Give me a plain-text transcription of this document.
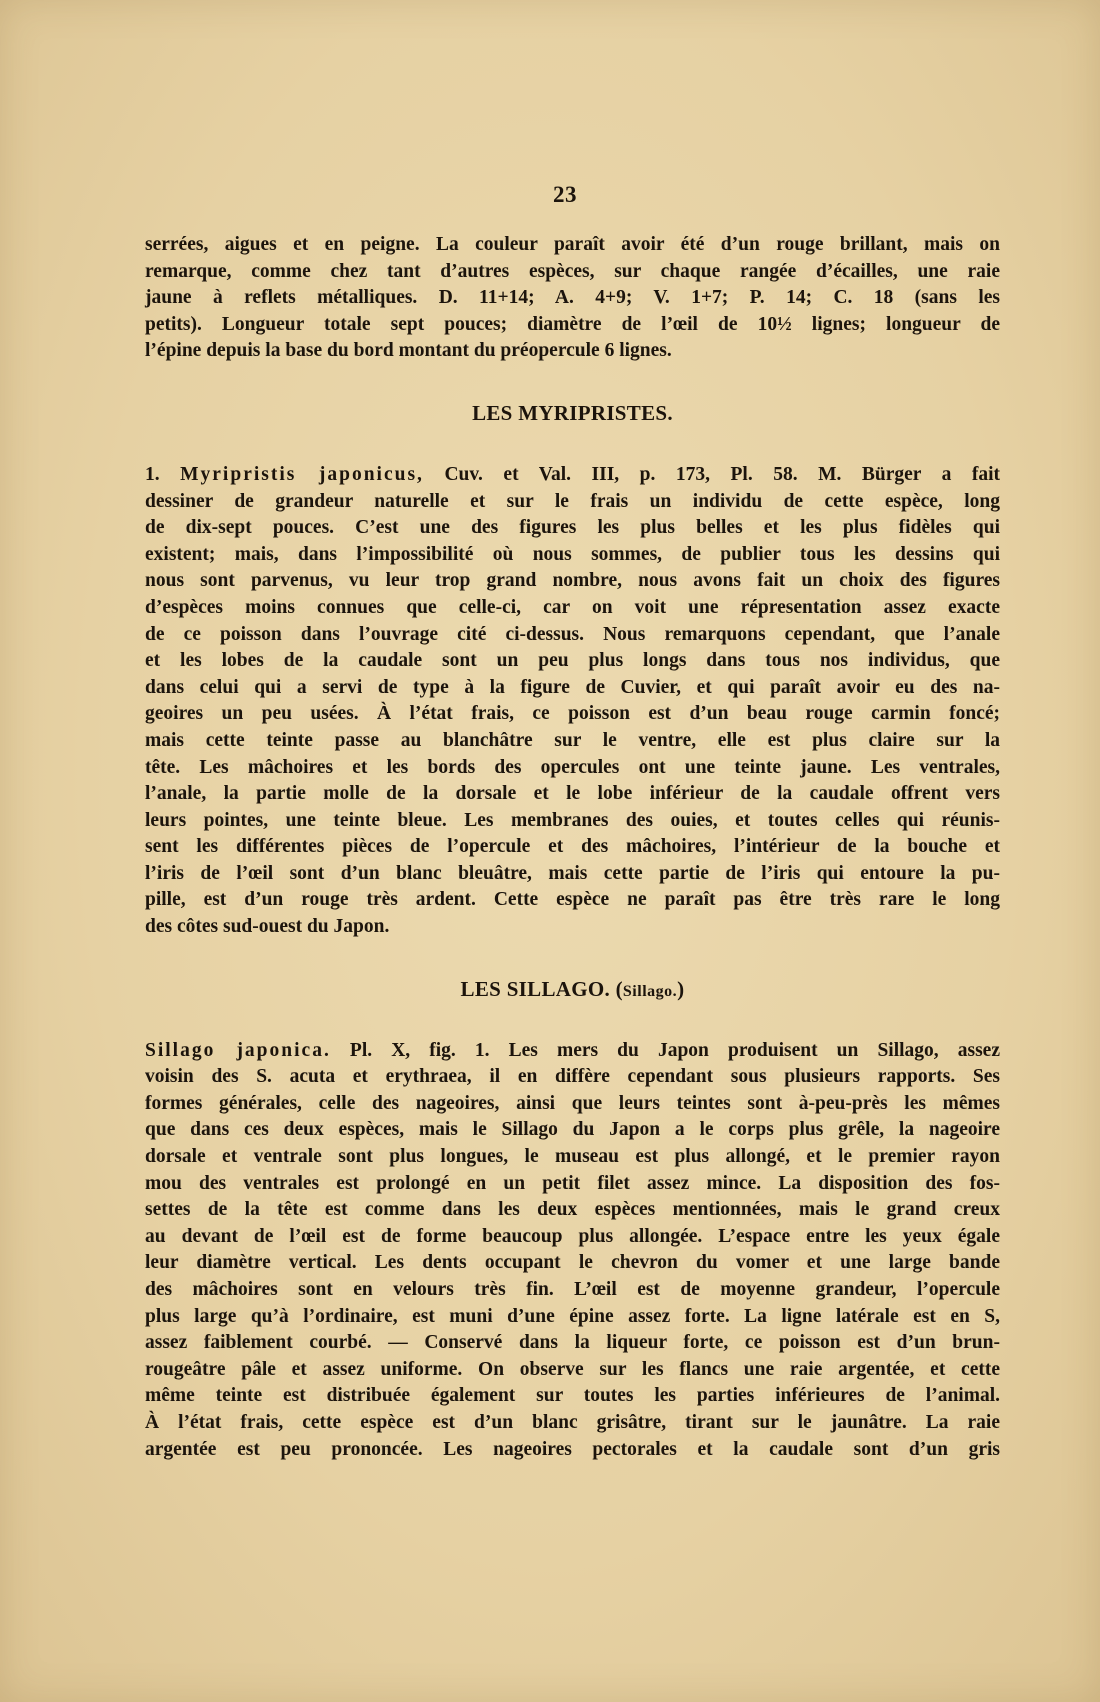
23

serrées, aigues et en peigne. La couleur paraît avoir été d’un rouge brillant, mais on
remarque, comme chez tant d’autres espèces, sur chaque rangée d’écailles, une raie
jaune à reflets métalliques. D. 11+14; A. 4+9; V. 1+7; P. 14; C. 18 (sans les
petits). Longueur totale sept pouces; diamètre de l’œil de 10½ lignes; longueur de
l’épine depuis la base du bord montant du préopercule 6 lignes.

LES MYRIPRISTES.

1. Myripristis japonicus, Cuv. et Val. III, p. 173, Pl. 58. M. Bürger a fait
dessiner de grandeur naturelle et sur le frais un individu de cette espèce, long
de dix-sept pouces. C’est une des figures les plus belles et les plus fidèles qui
existent; mais, dans l’impossibilité où nous sommes, de publier tous les dessins qui
nous sont parvenus, vu leur trop grand nombre, nous avons fait un choix des figures
d’espèces moins connues que celle-ci, car on voit une répresentation assez exacte
de ce poisson dans l’ouvrage cité ci-dessus. Nous remarquons cependant, que l’anale
et les lobes de la caudale sont un peu plus longs dans tous nos individus, que
dans celui qui a servi de type à la figure de Cuvier, et qui paraît avoir eu des na-
geoires un peu usées. À l’état frais, ce poisson est d’un beau rouge carmin foncé;
mais cette teinte passe au blanchâtre sur le ventre, elle est plus claire sur la
tête. Les mâchoires et les bords des opercules ont une teinte jaune. Les ventrales,
l’anale, la partie molle de la dorsale et le lobe inférieur de la caudale offrent vers
leurs pointes, une teinte bleue. Les membranes des ouies, et toutes celles qui réunis-
sent les différentes pièces de l’opercule et des mâchoires, l’intérieur de la bouche et
l’iris de l’œil sont d’un blanc bleuâtre, mais cette partie de l’iris qui entoure la pu-
pille, est d’un rouge très ardent. Cette espèce ne paraît pas être très rare le long
des côtes sud-ouest du Japon.

LES SILLAGO. (Sillago.)

Sillago japonica. Pl. X, fig. 1. Les mers du Japon produisent un Sillago, assez
voisin des S. acuta et erythraea, il en diffère cependant sous plusieurs rapports. Ses
formes générales, celle des nageoires, ainsi que leurs teintes sont à-peu-près les mêmes
que dans ces deux espèces, mais le Sillago du Japon a le corps plus grêle, la nageoire
dorsale et ventrale sont plus longues, le museau est plus allongé, et le premier rayon
mou des ventrales est prolongé en un petit filet assez mince. La disposition des fos-
settes de la tête est comme dans les deux espèces mentionnées, mais le grand creux
au devant de l’œil est de forme beaucoup plus allongée. L’espace entre les yeux égale
leur diamètre vertical. Les dents occupant le chevron du vomer et une large bande
des mâchoires sont en velours très fin. L’œil est de moyenne grandeur, l’opercule
plus large qu’à l’ordinaire, est muni d’une épine assez forte. La ligne latérale est en S,
assez faiblement courbé. — Conservé dans la liqueur forte, ce poisson est d’un brun-
rougeâtre pâle et assez uniforme. On observe sur les flancs une raie argentée, et cette
même teinte est distribuée également sur toutes les parties inférieures de l’animal.
À l’état frais, cette espèce est d’un blanc grisâtre, tirant sur le jaunâtre. La raie
argentée est peu prononcée. Les nageoires pectorales et la caudale sont d’un gris
